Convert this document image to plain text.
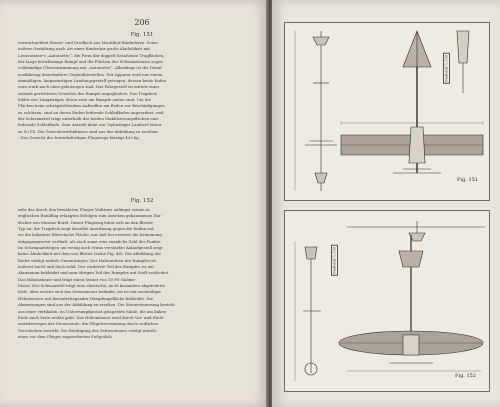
206
Fig. 151
verzeichnetfest Steuer- und Dreiflach aus Machthat-Eindeckern. Seine
äußere Gestaltung nach Art einer Eindecker große Ähnlichkeit mit
Levavasseur's „Antoinette“, die Form der doppelt besaßenen Tragflächen,
der lange kreisförmige Rumpf und die Flächen des Schwanzstanes sogen
vollständige Übereinstimmung mit „Antoinette“. Allerdings ist die Detail-
ausführung dauerhaftere Gegenüberstellen. Der Apparat wird nur einem
einmäßigen, langsamstigen Landungsgestell getragen, dessen beide Kufen
vorn stark nach oben gebotzogen sind. Das Fahrgestell ist mittels eines
Anlaufs gerichteten Gewichts des Rumpfs angegliedert. Das Tragdeck
bildet vier Längsträger, deren zwei am Rumpfe außen sind. Um die
Flächen beim schrägstellendem Auftreffen am Boden vor Beschädigungen
zu schützen, sind an deren Enden federnde Schleifkufen angeordnet, und
der Schwanzteil trägt unterhalb der beiden Stabilisierungsflächen eine
federnde Schleifkufe. Zum Antrieb dient ein 7zylindriger Lambert-Motor
zu 50 PS. Die Gewichtsverhältnisse sind aus der Abbildung zu ersehen.
- Das Gewicht des betriebsfertigen Flugzeugs beträgt 420 kg.
Fig. 152
sehr das durch den bewährten Flieger Vedrines unlängst seinen in
englischen Rundflug erlangten Erfolgen zum Ansehen gekommenen Ein-
decker von Morane-Borel. Dieser Flugzeug lehnt sich an den Bleriot-
Typ an; die Tragdeck zeigt dieselbe Anordnung gegen die Enden auf,
wo die bekannte Blériotsche Fläche, nur daß bei ersterer die Krümmung
entgegengesetzt verläuft, als auch sonst eine ziemliche Zahl der Punkte.
Im Schrägaufsteigen um wenig auch etwas verstärkte Anlaufgestell zeigt
keine Ähnlichkeit mit dem von Bleriot (siehe Fig. 46). Die Abbildung der
Räder erfolgt mittels Gummiringen. Der Haltenreben der Rumpfes ist
äußerst leicht und doch solid. Der vorderste Teil des Rumpfes ist mit
Aluminium bekleidet und zum übrigen Teil des Rumpfes mit Stoff verkleidet.
Das Höhensteuer und trägt einen Steuer von 50 PS Gnôme-
Motor. Der Schwanzteil trägt eine elastische, nicht besonders abgefederte
Kufe, über welche sich das Seitensteuer befindet; sie ist mit zweiteiliger
Höhensteuer mit darunterliegender Dämpfungsfläche bekleidet. Die
Abmessungen sind aus der Abbildung zu ersehen. Die Steuersteuerung besteht
aus einer vertikalen, im Unterrumpfgerüst gelagerten Säule, die am linken
Ende nach Seite rechts geht. Das Höhensteuer wird durch Vor- und Rück-
wärtsbewegen der Steuersäule, die Flügelverwindung durch seitliches
Verschieben bewirkt. Die Betätigung des Seitensteuers erfolgt mittels
eines vor dem Flieger angeordneten Fußpedals.
Maßstab 1:100
Fig. 151
Maßstab 1:100
Fig. 152
